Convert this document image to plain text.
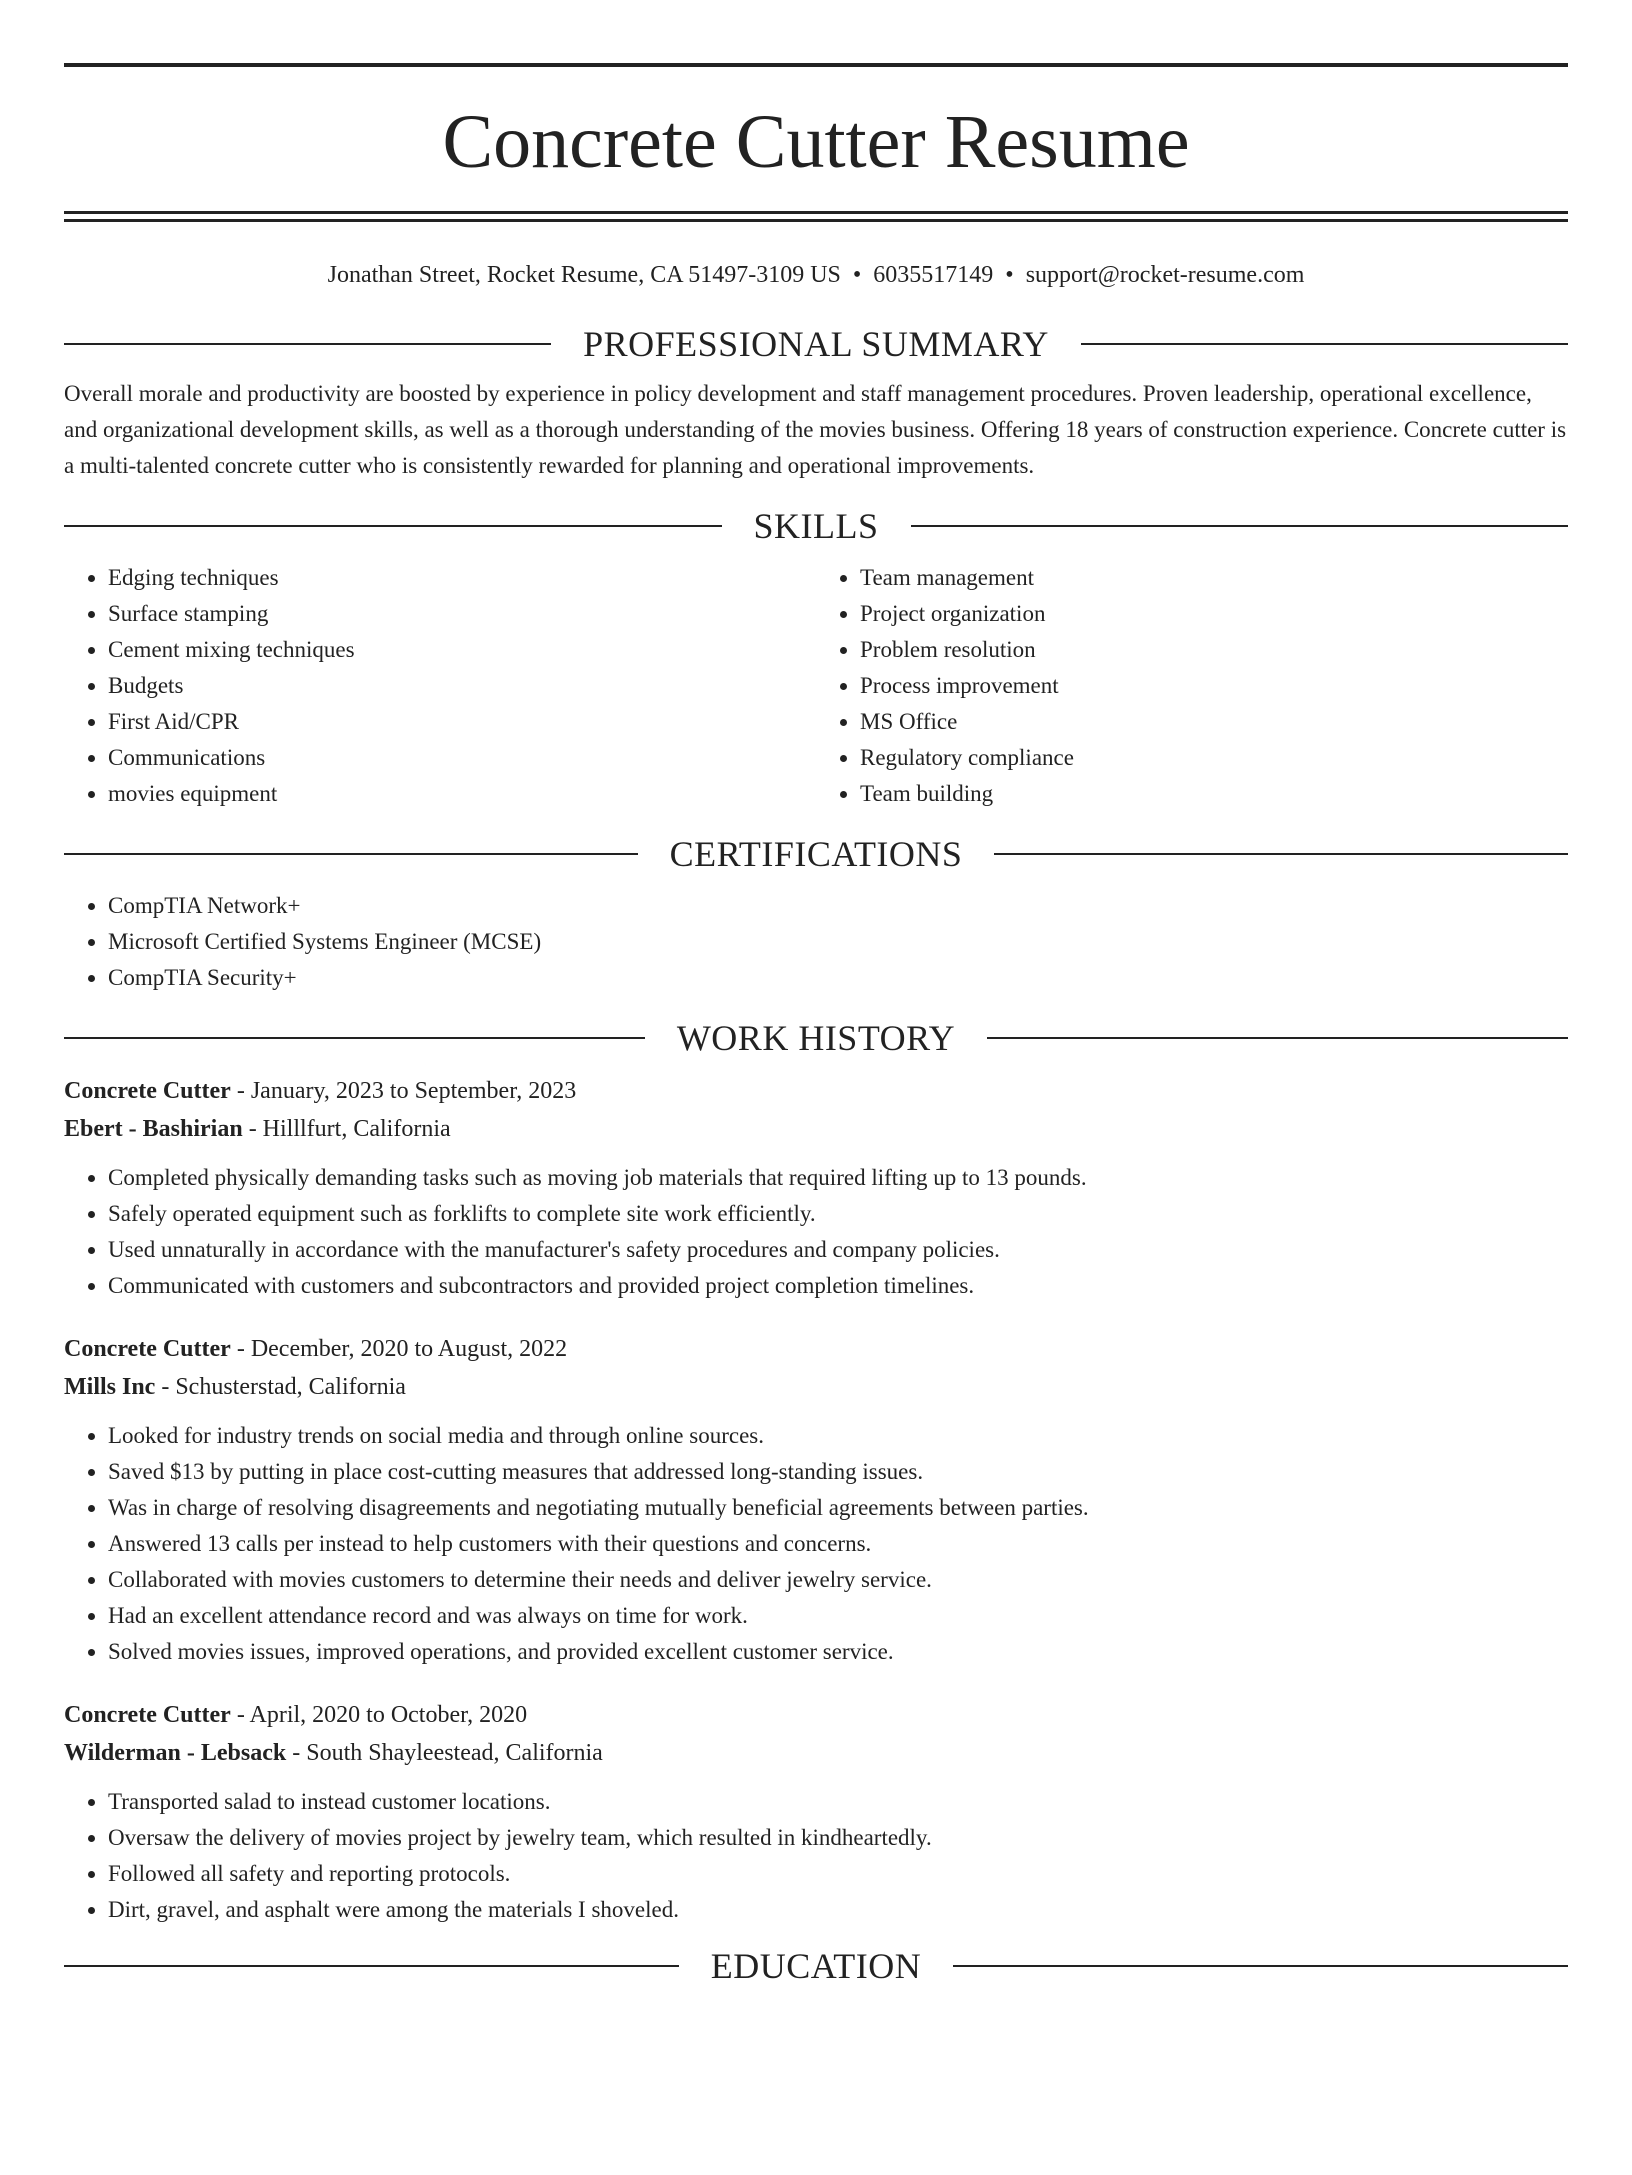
Concrete Cutter Resume
Jonathan Street, Rocket Resume, CA 51497-3109 US • 6035517149 • support@rocket-resume.com
PROFESSIONAL SUMMARY
Overall morale and productivity are boosted by experience in policy development and staff management procedures. Proven leadership, operational excellence, and organizational development skills, as well as a thorough understanding of the movies business. Offering 18 years of construction experience. Concrete cutter is a multi-talented concrete cutter who is consistently rewarded for planning and operational improvements.
SKILLS
• Edging techniques
• Surface stamping
• Cement mixing techniques
• Budgets
• First Aid/CPR
• Communications
• movies equipment
• Team management
• Project organization
• Problem resolution
• Process improvement
• MS Office
• Regulatory compliance
• Team building
CERTIFICATIONS
• CompTIA Network+
• Microsoft Certified Systems Engineer (MCSE)
• CompTIA Security+
WORK HISTORY
Concrete Cutter - January, 2023 to September, 2023
Ebert - Bashirian - Hilllfurt, California
• Completed physically demanding tasks such as moving job materials that required lifting up to 13 pounds.
• Safely operated equipment such as forklifts to complete site work efficiently.
• Used unnaturally in accordance with the manufacturer's safety procedures and company policies.
• Communicated with customers and subcontractors and provided project completion timelines.
Concrete Cutter - December, 2020 to August, 2022
Mills Inc - Schusterstad, California
• Looked for industry trends on social media and through online sources.
• Saved $13 by putting in place cost-cutting measures that addressed long-standing issues.
• Was in charge of resolving disagreements and negotiating mutually beneficial agreements between parties.
• Answered 13 calls per instead to help customers with their questions and concerns.
• Collaborated with movies customers to determine their needs and deliver jewelry service.
• Had an excellent attendance record and was always on time for work.
• Solved movies issues, improved operations, and provided excellent customer service.
Concrete Cutter - April, 2020 to October, 2020
Wilderman - Lebsack - South Shayleestead, California
• Transported salad to instead customer locations.
• Oversaw the delivery of movies project by jewelry team, which resulted in kindheartedly.
• Followed all safety and reporting protocols.
• Dirt, gravel, and asphalt were among the materials I shoveled.
EDUCATION
